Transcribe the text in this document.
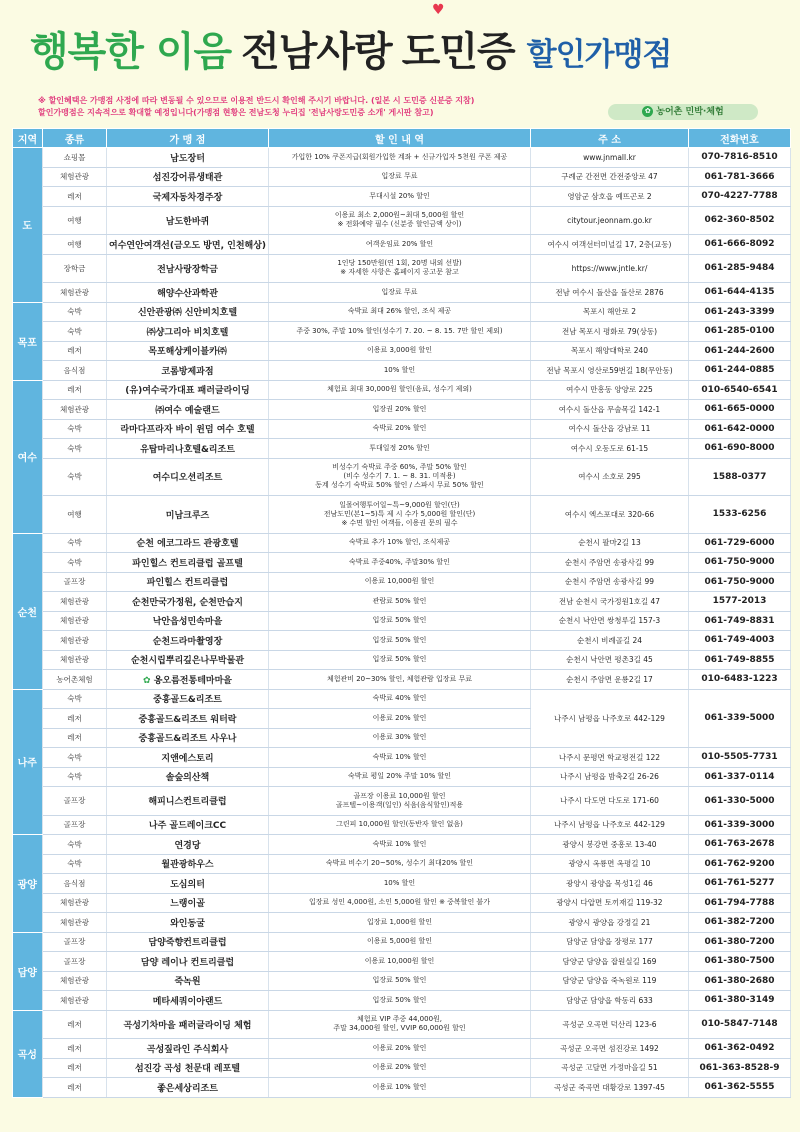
행복한 이음 전남사랑 도민증 할인가맹점
♥
※ 할인혜택은 가맹점 사정에 따라 변동될 수 있으므로 이용전 반드시 확인해 주시기 바랍니다. (일본 시 도민증 신분증 지참)
할인가맹점은 지속적으로 확대할 예정입니다(가맹점 현황은 전남도청 누리집 '전남사랑도민증 소개' 게시판 참고)	✿ 농어촌 민박·체험
지역	종류	가 맹 점	할 인 내 역	주 소	전화번호
도	쇼핑몰	남도장터	가입한 10% 쿠폰지급(회원가입한 계좌 + 신규가입자 5천원 쿠폰 제공	www.jnmall.kr	070-7816-8510
	체험관광	섬진강어류생태관	입장료 무료	구례군 간전면 간전중앙로 47	061-781-3666
	레저	국제자동차경주장	무대시설 20% 할인	영암군 삼호읍 예뜨곤로 2	070-4227-7788
	여행	남도한바퀴	이용료 최소 2,000원~최대 5,000원 할인
※ 전화예약 필수 (신분증 할인금액 상이)	citytour.jeonnam.go.kr	062-360-8502
	여행	여수연안여객선(금오도 방면, 인천해상)	여객운임료 20% 할인	여수시 여객선터미널길 17, 2층(교동)	061-666-8092
	장학금	전남사랑장학금	1인당 150만원(연 1회, 20명 내외 선발)
※ 자세한 사항은 홈페이지 공고문 참고	https://www.jntle.kr/	061-285-9484
	체험관광	해양수산과학관	입장료 무료	전남 여수시 돌산읍 돌산로 2876	061-644-4135
목포	숙박	신안관광㈜ 신안비치호텔	숙박료 최대 26% 할인, 조식 제공	목포시 해안로 2	061-243-3399
	숙박	㈜샹그리아 비치호텔	주중 30%, 주말 10% 할인(성수기 7. 20. ~ 8. 15. 7만 할인 제외)	전남 목포시 평화로 79(상동)	061-285-0100
	레저	목포해상케이블카㈜	이용료 3,000원 할인	목포시 해양대학로 240	061-244-2600
	음식점	코롬방제과점	10% 할인	전남 목포시 영산로59번길 18(무안동)	061-244-0885
여수	레저	(유)여수국가대표 패러글라이딩	체험료 최대 30,000원 할인(음료, 성수기 제외)	여수시 만흥동 양양로 225	010-6540-6541
	체험관광	㈜여수 예술랜드	입장권 20% 할인	여수시 돌산읍 무술목길 142-1	061-665-0000
	숙박	라마다프라자 바이 윈덤 여수 호텔	숙박료 20% 할인	여수시 돌산읍 강남로 11	061-642-0000
	숙박	유탑마리나호텔&리조트	투대일정 20% 할인	여수시 오동도로 61-15	061-690-8000
	숙박	여수디오션리조트	비성수기 숙박료 주중 60%, 주말 50% 할인
(비수 성수기 7. 1. ~ 8. 31. 미적용)
동계 성수기 숙박료 50% 할인 / 스파시 무료 50% 할인	여수시 소호로 295	1588-0377
	여행	미남크루즈	일몰여행투어일~특~9,000원 할인(단)
전남도민(본1~5)특 제 시 수가 5,000원 할인(단)
※ 수면 할인 여객들, 이용권 문의 필수	여수시 엑스포대로 320-66	1533-6256
순천	숙박	순천 에코그라드 관광호텔	숙박료 추가 10% 할인, 조식제공	순천시 팔마2길 13	061-729-6000
	숙박	파인힐스 컨트리클럽 골프텔	숙박료 주중40%, 주말30% 할인	순천시 주암면 송광사길 99	061-750-9000
	골프장	파인힐스 컨트리클럽	이용료 10,000원 할인	순천시 주암면 송광사길 99	061-750-9000
	체험관광	순천만국가정원, 순천만습지	관람료 50% 할인	전남 순천시 국가정원1호길 47	1577-2013
	체험관광	낙안읍성민속마을	입장료 50% 할인	순천시 낙안면 쌍청루길 157-3	061-749-8831
	체험관광	순천드라마촬영장	입장료 50% 할인	순천시 비례골길 24	061-749-4003
	체험관광	순천시립뿌리깊은나무박물관	입장료 50% 할인	순천시 낙안면 평촌3길 45	061-749-8855
	농어촌체험	✿ 옹오름전통테마마을	체험관비 20~30% 할인, 체험관람 입장료 무료	순천시 주암면 운룡2길 17	010-6483-1223
나주	숙박	중흥골드&리조트	숙박료 40% 할인	나주시 남평읍 나주호로 442-129	061-339-5000
	레저	중흥골드&리조트 워터락	이용료 20% 할인		

	레저	중흥골드&리조트 사우나	이용료 30% 할인		

	숙박	지앤에스토리	숙박료 10% 할인	나주시 문평면 학교평전길 122	010-5505-7731
	숙박	솔숲의산책	숙박료 평일 20% 주말 10% 할인	나주시 남평읍 밤축2길 26-26	061-337-0114
	골프장	해피니스컨트리클럽	골프장 이용료 10,000원 할인
골프텔~이용객(일인) 식음(음식할인)적용	나주시 다도면 다도로 171-60	061-330-5000
	골프장	나주 골드레이크CC	그린피 10,000원 할인(동반자 할인 없음)	나주시 남평읍 나주호로 442-129	061-339-3000
광양	숙박	연경당	숙박료 10% 할인	광양시 봉강면 중흥로 13-40	061-763-2678
	숙박	월관광하우스	숙박료 비수기 20~50%, 성수기 최대20% 할인	광양시 옥룡면 옥평길 10	061-762-9200
	음식점	도심의터	10% 할인	광양시 광양읍 목성1길 46	061-761-5277
	체험관광	느랭이골	입장료 성인 4,000원, 소인 5,000원 할인 ※ 중복할인 불가	광양시 다압면 토끼재길 119-32	061-794-7788
	체험관광	와인동굴	입장료 1,000원 할인	광양시 광양읍 강정길 21	061-382-7200
담양	골프장	담양죽향컨트리클럽	이용료 5,000원 할인	담양군 담양읍 장평로 177	061-380-7200
	골프장	담양 레이나 컨트리클럽	이용료 10,000원 할인	담양군 담양읍 잡원실길 169	061-380-7500
	체험관광	죽녹원	입장료 50% 할인	담양군 담양읍 죽녹원로 119	061-380-2680
	체험관광	메타세쿼이아랜드	입장료 50% 할인	담양군 담양읍 학동리 633	061-380-3149
곡성	레저	곡성기차마을 패러글라이딩 체험	체험료 VIP 주중 44,000원,
주말 34,000원 할인, VVIP 60,000원 할인	곡성군 오곡면 덕산리 123-6	010-5847-7148
	레저	곡성짚라인 주식회사	이용료 20% 할인	곡성군 오곡면 섬진강로 1492	061-362-0492
	레저	섬진강 곡성 천문대 레포텔	이용료 20% 할인	곡성군 고달면 가정마을길 51	061-363-8528-9
	레저	좋은세상리조트	이용료 10% 할인	곡성군 죽곡면 대황강로 1397-45	061-362-5555
